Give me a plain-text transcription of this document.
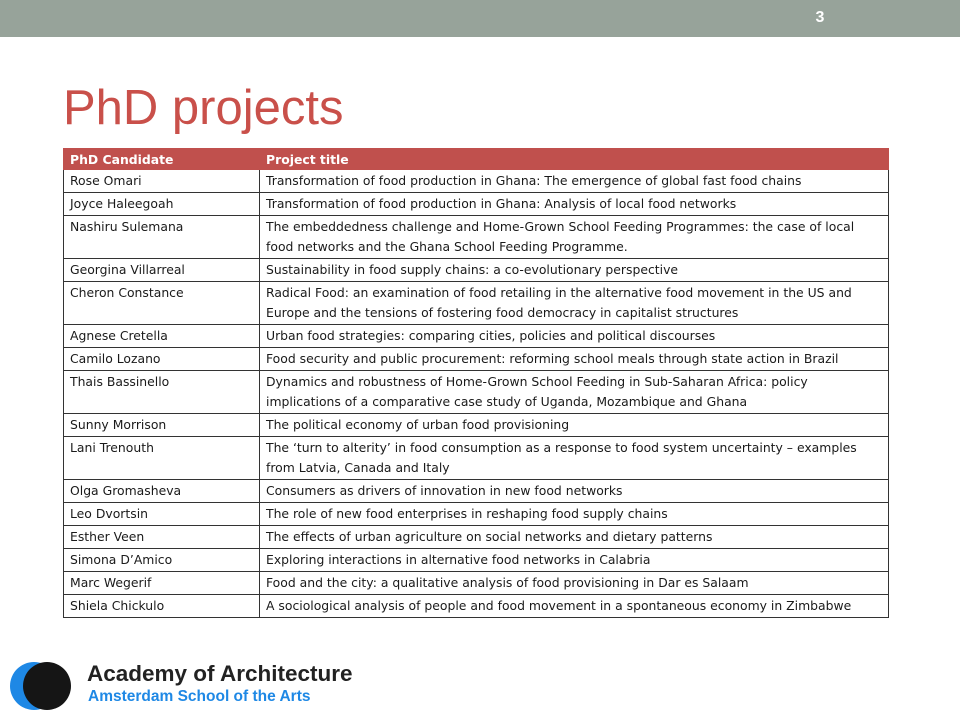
3
PhD projects
PhD Candidate	Project title
Rose Omari	Transformation of food production in Ghana: The emergence of global fast food chains
Joyce Haleegoah	Transformation of food production in Ghana: Analysis of local food networks
Nashiru Sulemana	The embeddedness challenge and Home-Grown School Feeding Programmes: the case of local food networks and the Ghana School Feeding Programme.
Georgina Villarreal	Sustainability in food supply chains: a co-evolutionary perspective
Cheron Constance	Radical Food: an examination of food retailing in the alternative food movement in the US and Europe and the tensions of fostering food democracy in capitalist structures
Agnese Cretella	Urban food strategies: comparing cities, policies and political discourses
Camilo Lozano	Food security and public procurement: reforming school meals through state action in Brazil
Thais Bassinello	Dynamics and robustness of Home-Grown School Feeding in Sub-Saharan Africa: policy implications of a comparative case study of Uganda, Mozambique and Ghana
Sunny Morrison	The political economy of urban food provisioning
Lani Trenouth	The ‘turn to alterity’ in food consumption as a response to food system uncertainty – examples from Latvia, Canada and Italy
Olga Gromasheva	Consumers as drivers of innovation in new food networks
Leo Dvortsin	The role of new food enterprises in reshaping food supply chains
Esther Veen	The effects of urban agriculture on social networks and dietary patterns
Simona D’Amico	Exploring interactions in alternative food networks in Calabria
Marc Wegerif	Food and the city: a qualitative analysis of food provisioning in Dar es Salaam
Shiela Chickulo	A sociological analysis of people and food movement in a spontaneous economy in Zimbabwe
Academy of Architecture
Amsterdam School of the Arts
